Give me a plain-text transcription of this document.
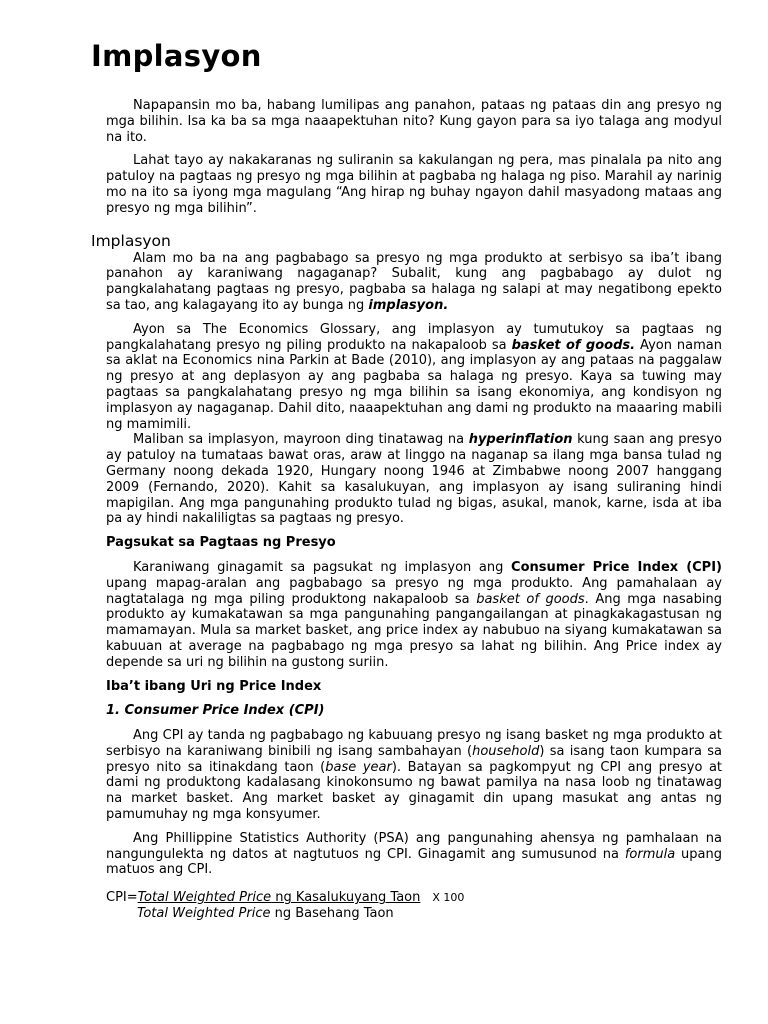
Implasyon

Napapansin mo ba, habang lumilipas ang panahon, pataas ng pataas din ang presyo ng mga bilihin. Isa ka ba sa mga naaapektuhan nito? Kung gayon para sa iyo talaga ang modyul na ito.

Lahat tayo ay nakakaranas ng suliranin sa kakulangan ng pera, mas pinalala pa nito ang patuloy na pagtaas ng presyo ng mga bilihin at pagbaba ng halaga ng piso. Marahil ay narinig mo na ito sa iyong mga magulang “Ang hirap ng buhay ngayon dahil masyadong mataas ang presyo ng mga bilihin”.

Implasyon

Alam mo ba na ang pagbabago sa presyo ng mga produkto at serbisyo sa iba’t ibang panahon ay karaniwang nagaganap? Subalit, kung ang pagbabago ay dulot ng pangkalahatang pagtaas ng presyo, pagbaba sa halaga ng salapi at may negatibong epekto sa tao, ang kalagayang ito ay bunga ng implasyon.

Ayon sa The Economics Glossary, ang implasyon ay tumutukoy sa pagtaas ng pangkalahatang presyo ng piling produkto na nakapaloob sa basket of goods. Ayon naman sa aklat na Economics nina Parkin at Bade (2010), ang implasyon ay ang pataas na paggalaw ng presyo at ang deplasyon ay ang pagbaba sa halaga ng presyo. Kaya sa tuwing may pagtaas sa pangkalahatang presyo ng mga bilihin sa isang ekonomiya, ang kondisyon ng implasyon ay nagaganap. Dahil dito, naaapektuhan ang dami ng produkto na maaaring mabili ng mamimili.

Maliban sa implasyon, mayroon ding tinatawag na hyperinflation kung saan ang presyo ay patuloy na tumataas bawat oras, araw at linggo na naganap sa ilang mga bansa tulad ng Germany noong dekada 1920, Hungary noong 1946 at Zimbabwe noong 2007 hanggang 2009 (Fernando, 2020). Kahit sa kasalukuyan, ang implasyon ay isang suliraning hindi mapigilan. Ang mga pangunahing produkto tulad ng bigas, asukal, manok, karne, isda at iba pa ay hindi nakaliligtas sa pagtaas ng presyo.

Pagsukat sa Pagtaas ng Presyo

Karaniwang ginagamit sa pagsukat ng implasyon ang Consumer Price Index (CPI) upang mapag-aralan ang pagbabago sa presyo ng mga produkto. Ang pamahalaan ay nagtatalaga ng mga piling produktong nakapaloob sa basket of goods. Ang mga nasabing produkto ay kumakatawan sa mga pangunahing pangangailangan at pinagkakagastusan ng mamamayan. Mula sa market basket, ang price index ay nabubuo na siyang kumakatawan sa kabuuan at average na pagbabago ng mga presyo sa lahat ng bilihin. Ang Price index ay depende sa uri ng bilihin na gustong suriin.

Iba’t ibang Uri ng Price Index

1. Consumer Price Index (CPI)

Ang CPI ay tanda ng pagbabago ng kabuuang presyo ng isang basket ng mga produkto at serbisyo na karaniwang binibili ng isang sambahayan (household) sa isang taon kumpara sa presyo nito sa itinakdang taon (base year). Batayan sa pagkompyut ng CPI ang presyo at dami ng produktong kadalasang kinokonsumo ng bawat pamilya na nasa loob ng tinatawag na market basket. Ang market basket ay ginagamit din upang masukat ang antas ng pamumuhay ng mga konsyumer.

Ang Phillippine Statistics Authority (PSA) ang pangunahing ahensya ng pamhalaan na nangungulekta ng datos at nagtutuos ng CPI. Ginagamit ang sumusunod na formula upang matuos ang CPI.

CPI=Total Weighted Price ng Kasalukuyang Taon X 100
Total Weighted Price ng Basehang Taon
